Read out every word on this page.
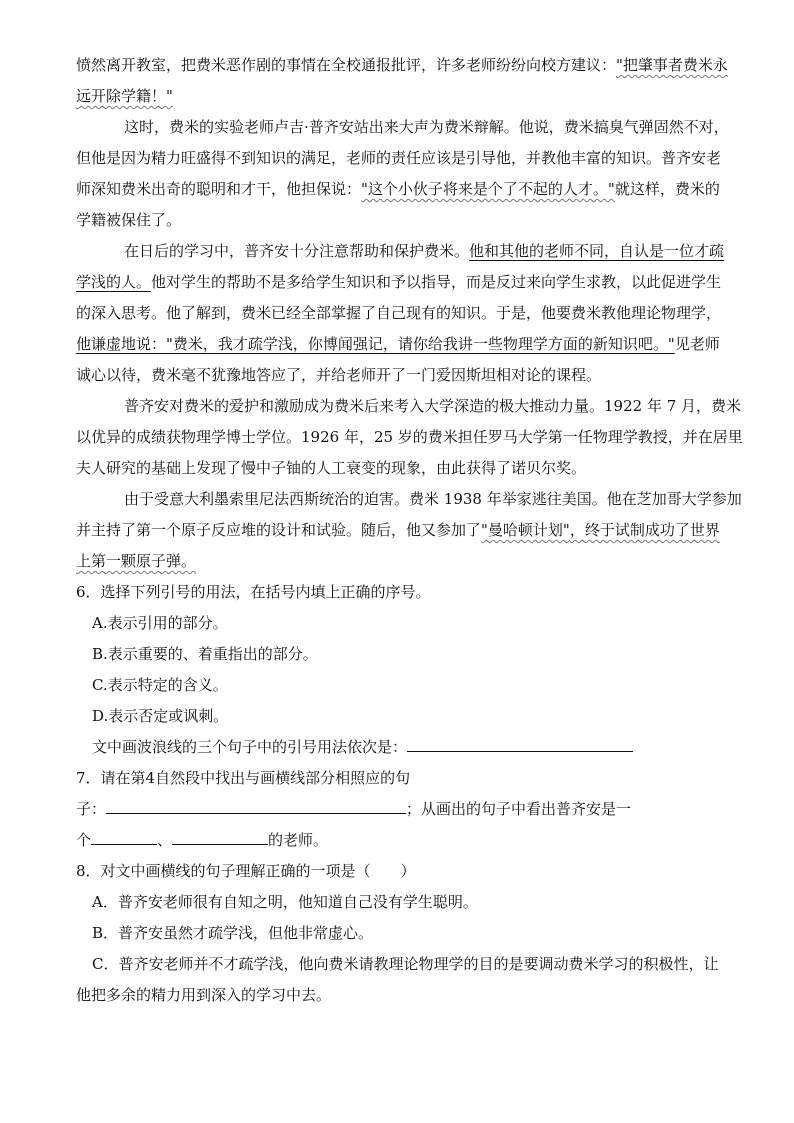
愤然离开教室，把费米恶作剧的事情在全校通报批评，许多老师纷纷向校方建议："把肇事者费米永
远开除学籍！"
这时，费米的实验老师卢吉·普齐安站出来大声为费米辩解。他说，费米搞臭气弹固然不对，
但他是因为精力旺盛得不到知识的满足，老师的责任应该是引导他，并教他丰富的知识。普齐安老
师深知费米出奇的聪明和才干，他担保说："这个小伙子将来是个了不起的人才。"就这样，费米的
学籍被保住了。
在日后的学习中，普齐安十分注意帮助和保护费米。他和其他的老师不同，自认是一位才疏
学浅的人。他对学生的帮助不是多给学生知识和予以指导，而是反过来向学生求教，以此促进学生
的深入思考。他了解到，费米已经全部掌握了自己现有的知识。于是，他要费米教他理论物理学，
他谦虚地说："费米，我才疏学浅，你博闻强记，请你给我讲一些物理学方面的新知识吧。"见老师
诚心以待，费米毫不犹豫地答应了，并给老师开了一门爱因斯坦相对论的课程。
普齐安对费米的爱护和激励成为费米后来考入大学深造的极大推动力量。1922 年 7 月，费米
以优异的成绩获物理学博士学位。1926 年，25 岁的费米担任罗马大学第一任物理学教授，并在居里
夫人研究的基础上发现了慢中子铀的人工衰变的现象，由此获得了诺贝尔奖。
由于受意大利墨索里尼法西斯统治的迫害。费米 1938 年举家逃往美国。他在芝加哥大学参加
并主持了第一个原子反应堆的设计和试验。随后，他又参加了"曼哈顿计划"，终于试制成功了世界
上第一颗原子弹。
6．选择下列引号的用法，在括号内填上正确的序号。
A.表示引用的部分。
B.表示重要的、着重指出的部分。
C.表示特定的含义。
D.表示否定或讽刺。
文中画波浪线的三个句子中的引号用法依次是：
7．请在第4自然段中找出与画横线部分相照应的句
子：	；从画出的句子中看出普齐安是一
个	、	的老师。
8．对文中画横线的句子理解正确的一项是（　　）
A．普齐安老师很有自知之明，他知道自己没有学生聪明。
B．普齐安虽然才疏学浅，但他非常虚心。
C．普齐安老师并不才疏学浅，他向费米请教理论物理学的目的是要调动费米学习的积极性，让
他把多余的精力用到深入的学习中去。
